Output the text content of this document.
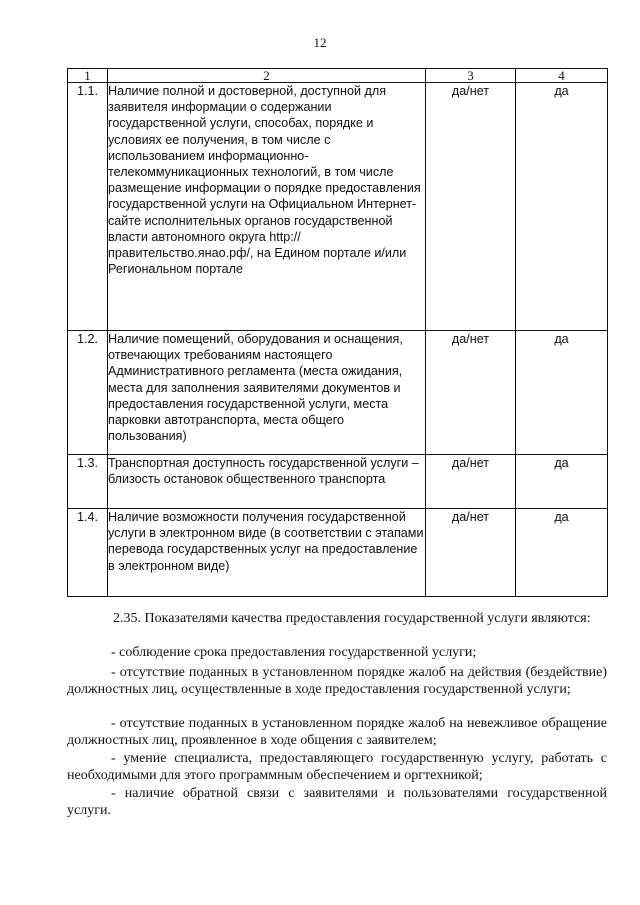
12
1	2	3	4
1.1.	Наличие полной и достоверной, доступной для заявителя информации о содержании государственной услуги, способах, порядке и условиях ее получения, в том числе с использованием информационно-телекоммуникационных технологий, в том числе размещение информации о порядке предоставления государственной услуги на Официальном Интернет-сайте исполнительных органов государственной власти автономного округа http://правительство.янао.рф/, на Едином портале и/или Региональном портале	да/нет	да
1.2.	Наличие помещений, оборудования и оснащения, отвечающих требованиям настоящего Административного регламента (места ожидания, места для заполнения заявителями документов и предоставления государственной услуги, места парковки автотранспорта, места общего пользования)	да/нет	да
1.3.	Транспортная доступность государственной услуги – близость остановок общественного транспорта	да/нет	да
1.4.	Наличие возможности получения государственной услуги в электронном виде (в соответствии с этапами перевода государственных услуг на предоставление в электронном виде)	да/нет	да

2.35. Показателями качества предоставления государственной услуги являются:

- соблюдение срока предоставления государственной услуги;

- отсутствие поданных в установленном порядке жалоб на действия (бездействие) должностных лиц, осуществленные в ходе предоставления государственной услуги;

- отсутствие поданных в установленном порядке жалоб на невежливое обращение должностных лиц, проявленное в ходе общения с заявителем;

- умение специалиста, предоставляющего государственную услугу, работать с необходимыми для этого программным обеспечением и оргтехникой;

- наличие обратной связи с заявителями и пользователями государственной услуги.
